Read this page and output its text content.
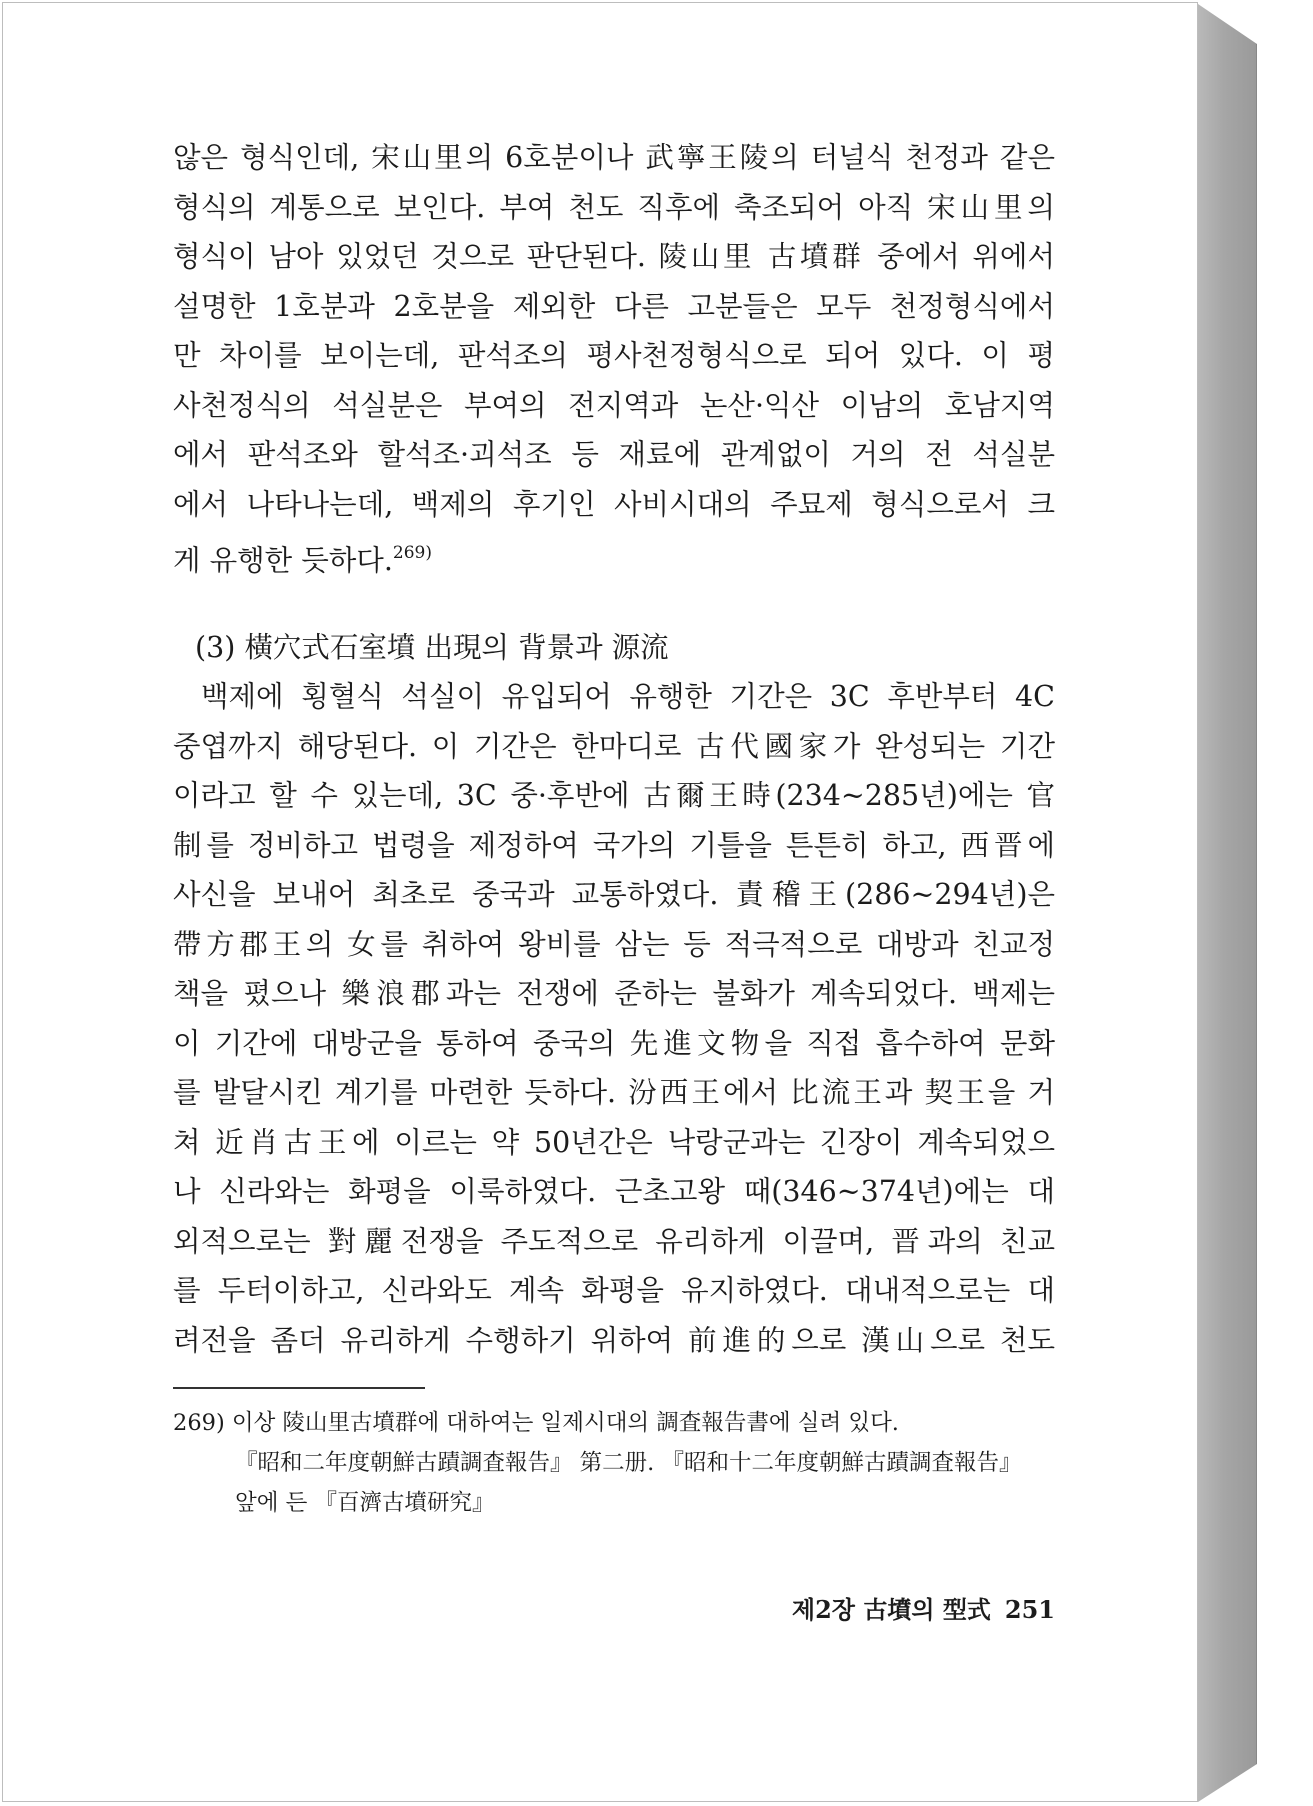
않은 형식인데, 宋山里의 6호분이나 武寧王陵의 터널식 천정과 같은
형식의 계통으로 보인다. 부여 천도 직후에 축조되어 아직 宋山里의
형식이 남아 있었던 것으로 판단된다. 陵山里 古墳群 중에서 위에서
설명한 1호분과 2호분을 제외한 다른 고분들은 모두 천정형식에서
만 차이를 보이는데, 판석조의 평사천정형식으로 되어 있다. 이 평
사천정식의 석실분은 부여의 전지역과 논산·익산 이남의 호남지역
에서 판석조와 할석조·괴석조 등 재료에 관계없이 거의 전 석실분
에서 나타나는데, 백제의 후기인 사비시대의 주묘제 형식으로서 크
게 유행한 듯하다.$^{269)}$

(3) 橫穴式石室墳 出現의 背景과 源流

백제에 횡혈식 석실이 유입되어 유행한 기간은 3C 후반부터 4C
중엽까지 해당된다. 이 기간은 한마디로 古代國家가 완성되는 기간
이라고 할 수 있는데, 3C 중·후반에 古爾王時(234~285년)에는 官
制를 정비하고 법령을 제정하여 국가의 기틀을 튼튼히 하고, 西晋에
사신을 보내어 최초로 중국과 교통하였다. 責稽王(286~294년)은
帶方郡王의 女를 취하여 왕비를 삼는 등 적극적으로 대방과 친교정
책을 폈으나 樂浪郡과는 전쟁에 준하는 불화가 계속되었다. 백제는
이 기간에 대방군을 통하여 중국의 先進文物을 직접 흡수하여 문화
를 발달시킨 계기를 마련한 듯하다. 汾西王에서 比流王과 契王을 거
쳐 近肖古王에 이르는 약 50년간은 낙랑군과는 긴장이 계속되었으
나 신라와는 화평을 이룩하였다. 근초고왕 때(346~374년)에는 대
외적으로는 對麗전쟁을 주도적으로 유리하게 이끌며, 晋과의 친교
를 두터이하고, 신라와도 계속 화평을 유지하였다. 대내적으로는 대
려전을 좀더 유리하게 수행하기 위하여 前進的으로 漢山으로 천도

269) 이상 陵山里古墳群에 대하여는 일제시대의 調査報告書에 실려 있다.
『昭和二年度朝鮮古蹟調査報告』 第二册. 『昭和十二年度朝鮮古蹟調査報告』
앞에 든 『百濟古墳研究』
제2장 古墳의 型式 251
